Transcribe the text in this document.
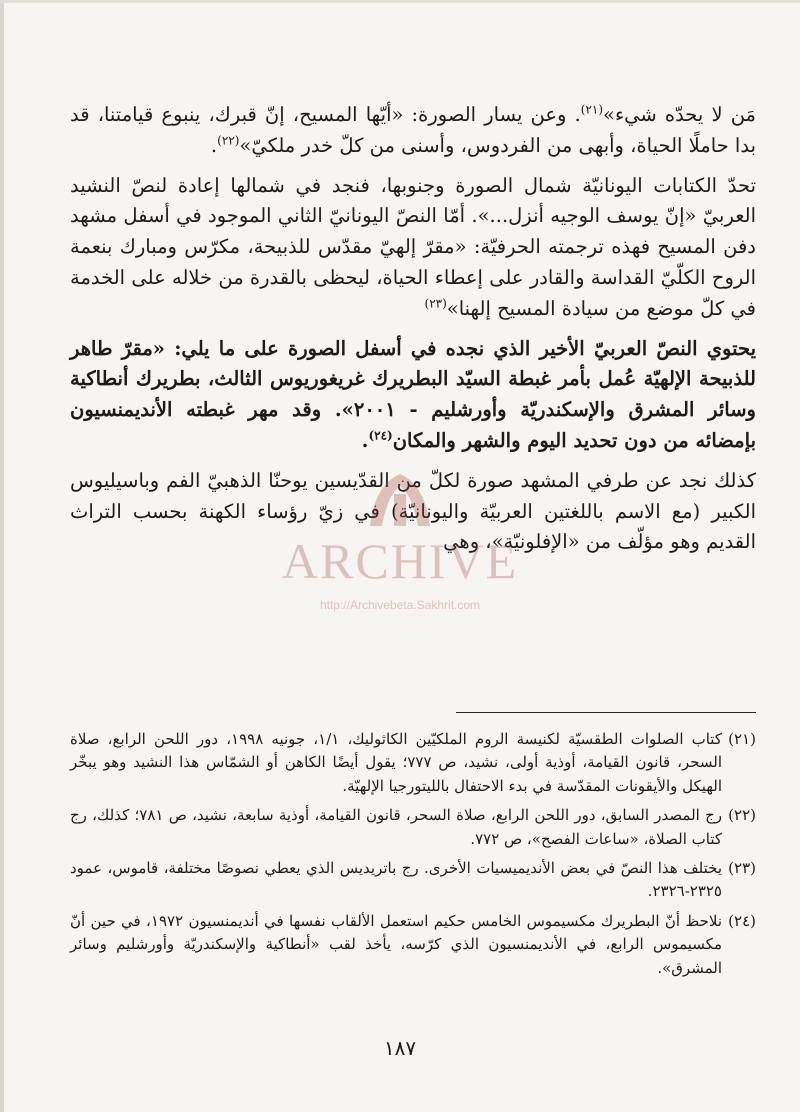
مَن لا يحدّه شيء»$^{(٢١)}$. وعن يسار الصورة: «أيّها المسيح، إنّ قبرك، ينبوع قيامتنا، قد بدا حاملًا الحياة، وأبهى من الفردوس، وأسنى من كلّ خدر ملكيّ»$^{(٢٢)}$.

تحدّ الكتابات اليونانيّة شمال الصورة وجنوبها، فنجد في شمالها إعادة لنصّ النشيد العربيّ «إنّ يوسف الوجيه أنزل...». أمّا النصّ اليونانيّ الثاني الموجود في أسفل مشهد دفن المسيح فهذه ترجمته الحرفيّة: «مقرّ إلهيّ مقدّس للذبيحة، مكرّس ومبارك بنعمة الروح الكلّيّ القداسة والقادر على إعطاء الحياة، ليحظى بالقدرة من خلاله على الخدمة في كلّ موضع من سيادة المسيح إلهنا»$^{(٢٣)}$

يحتوي النصّ العربيّ الأخير الذي نجده في أسفل الصورة على ما يلي: «مقرّ طاهر للذبيحة الإلهيّة عُمل بأمر غبطة السيّد البطريرك غريغوريوس الثالث، بطريرك أنطاكية وسائر المشرق والإسكندريّة وأورشليم - ٢٠٠١». وقد مهر غبطته الأنديمنسيون بإمضائه من دون تحديد اليوم والشهر والمكان$^{(٢٤)}$.

كذلك نجد عن طرفي المشهد صورة لكلّ من القدّيسين يوحنّا الذهبيّ الفم وباسيليوس الكبير (مع الاسم باللغتين العربيّة واليونانيّة) في زيّ رؤساء الكهنة بحسب التراث القديم وهو مؤلّف من «الإفلونيّة»، وهي

(٢١)كتاب الصلوات الطقسيّة لكنيسة الروم الملكيّين الكاثوليك، ١/١، جونيه ١٩٩٨، دور اللحن الرابع، صلاة السحر، قانون القيامة، أوذية أولى، نشيد، ص ٧٧٧؛ يقول أيضًا الكاهن أو الشمّاس هذا النشيد وهو يبخّر الهيكل والأيقونات المقدّسة في بدء الاحتفال بالليتورجيا الإلهيّة.

(٢٢)رج المصدر السابق، دور اللحن الرابع، صلاة السحر، قانون القيامة، أوذية سابعة، نشيد، ص ٧٨١؛ كذلك، رج كتاب الصلاة، «ساعات الفصح»، ص ٧٧٢.

(٢٣)يختلف هذا النصّ في بعض الأنديميسيات الأخرى. رج باتريديس الذي يعطي نصوصًا مختلفة، قاموس، عمود ٢٣٢٥-٢٣٢٦.

(٢٤)نلاحظ أنّ البطريرك مكسيموس الخامس حكيم استعمل الألقاب نفسها في أنديمنسيون ١٩٧٢، في حين أنّ مكسيموس الرابع، في الأنديمنسيون الذي كرّسه، يأخذ لقب «أنطاكية والإسكندريّة وأورشليم وسائر المشرق».

١٨٧
ARCHIVE
http://Archivebeta.Sakhrit.com
